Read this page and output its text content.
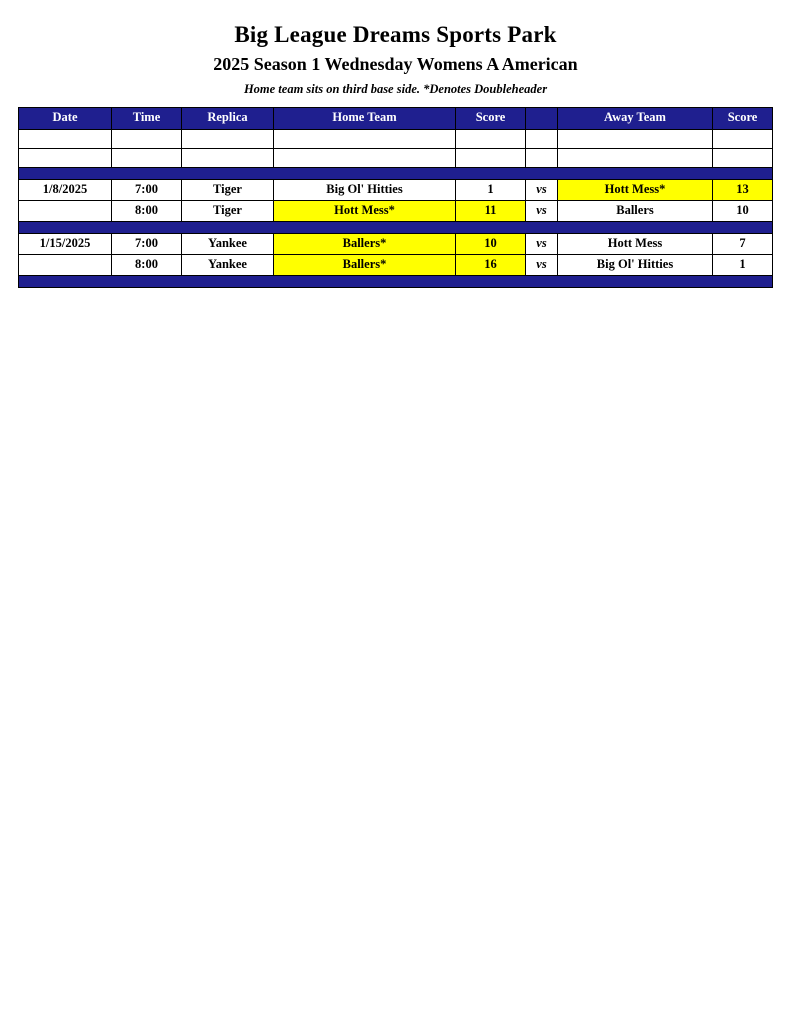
Big League Dreams Sports Park
2025 Season 1 Wednesday Womens A American
Home team sits on third base side. *Denotes Doubleheader
Date	Time	Replica	Home Team	Score		Away Team	Score

1/8/2025	7:00	Tiger	Big Ol' Hitties	1	vs	Hott Mess*	13
	8:00	Tiger	Hott Mess*	11	vs	Ballers	10

1/15/2025	7:00	Yankee	Ballers*	10	vs	Hott Mess	7
	8:00	Yankee	Ballers*	16	vs	Big Ol' Hitties	1
